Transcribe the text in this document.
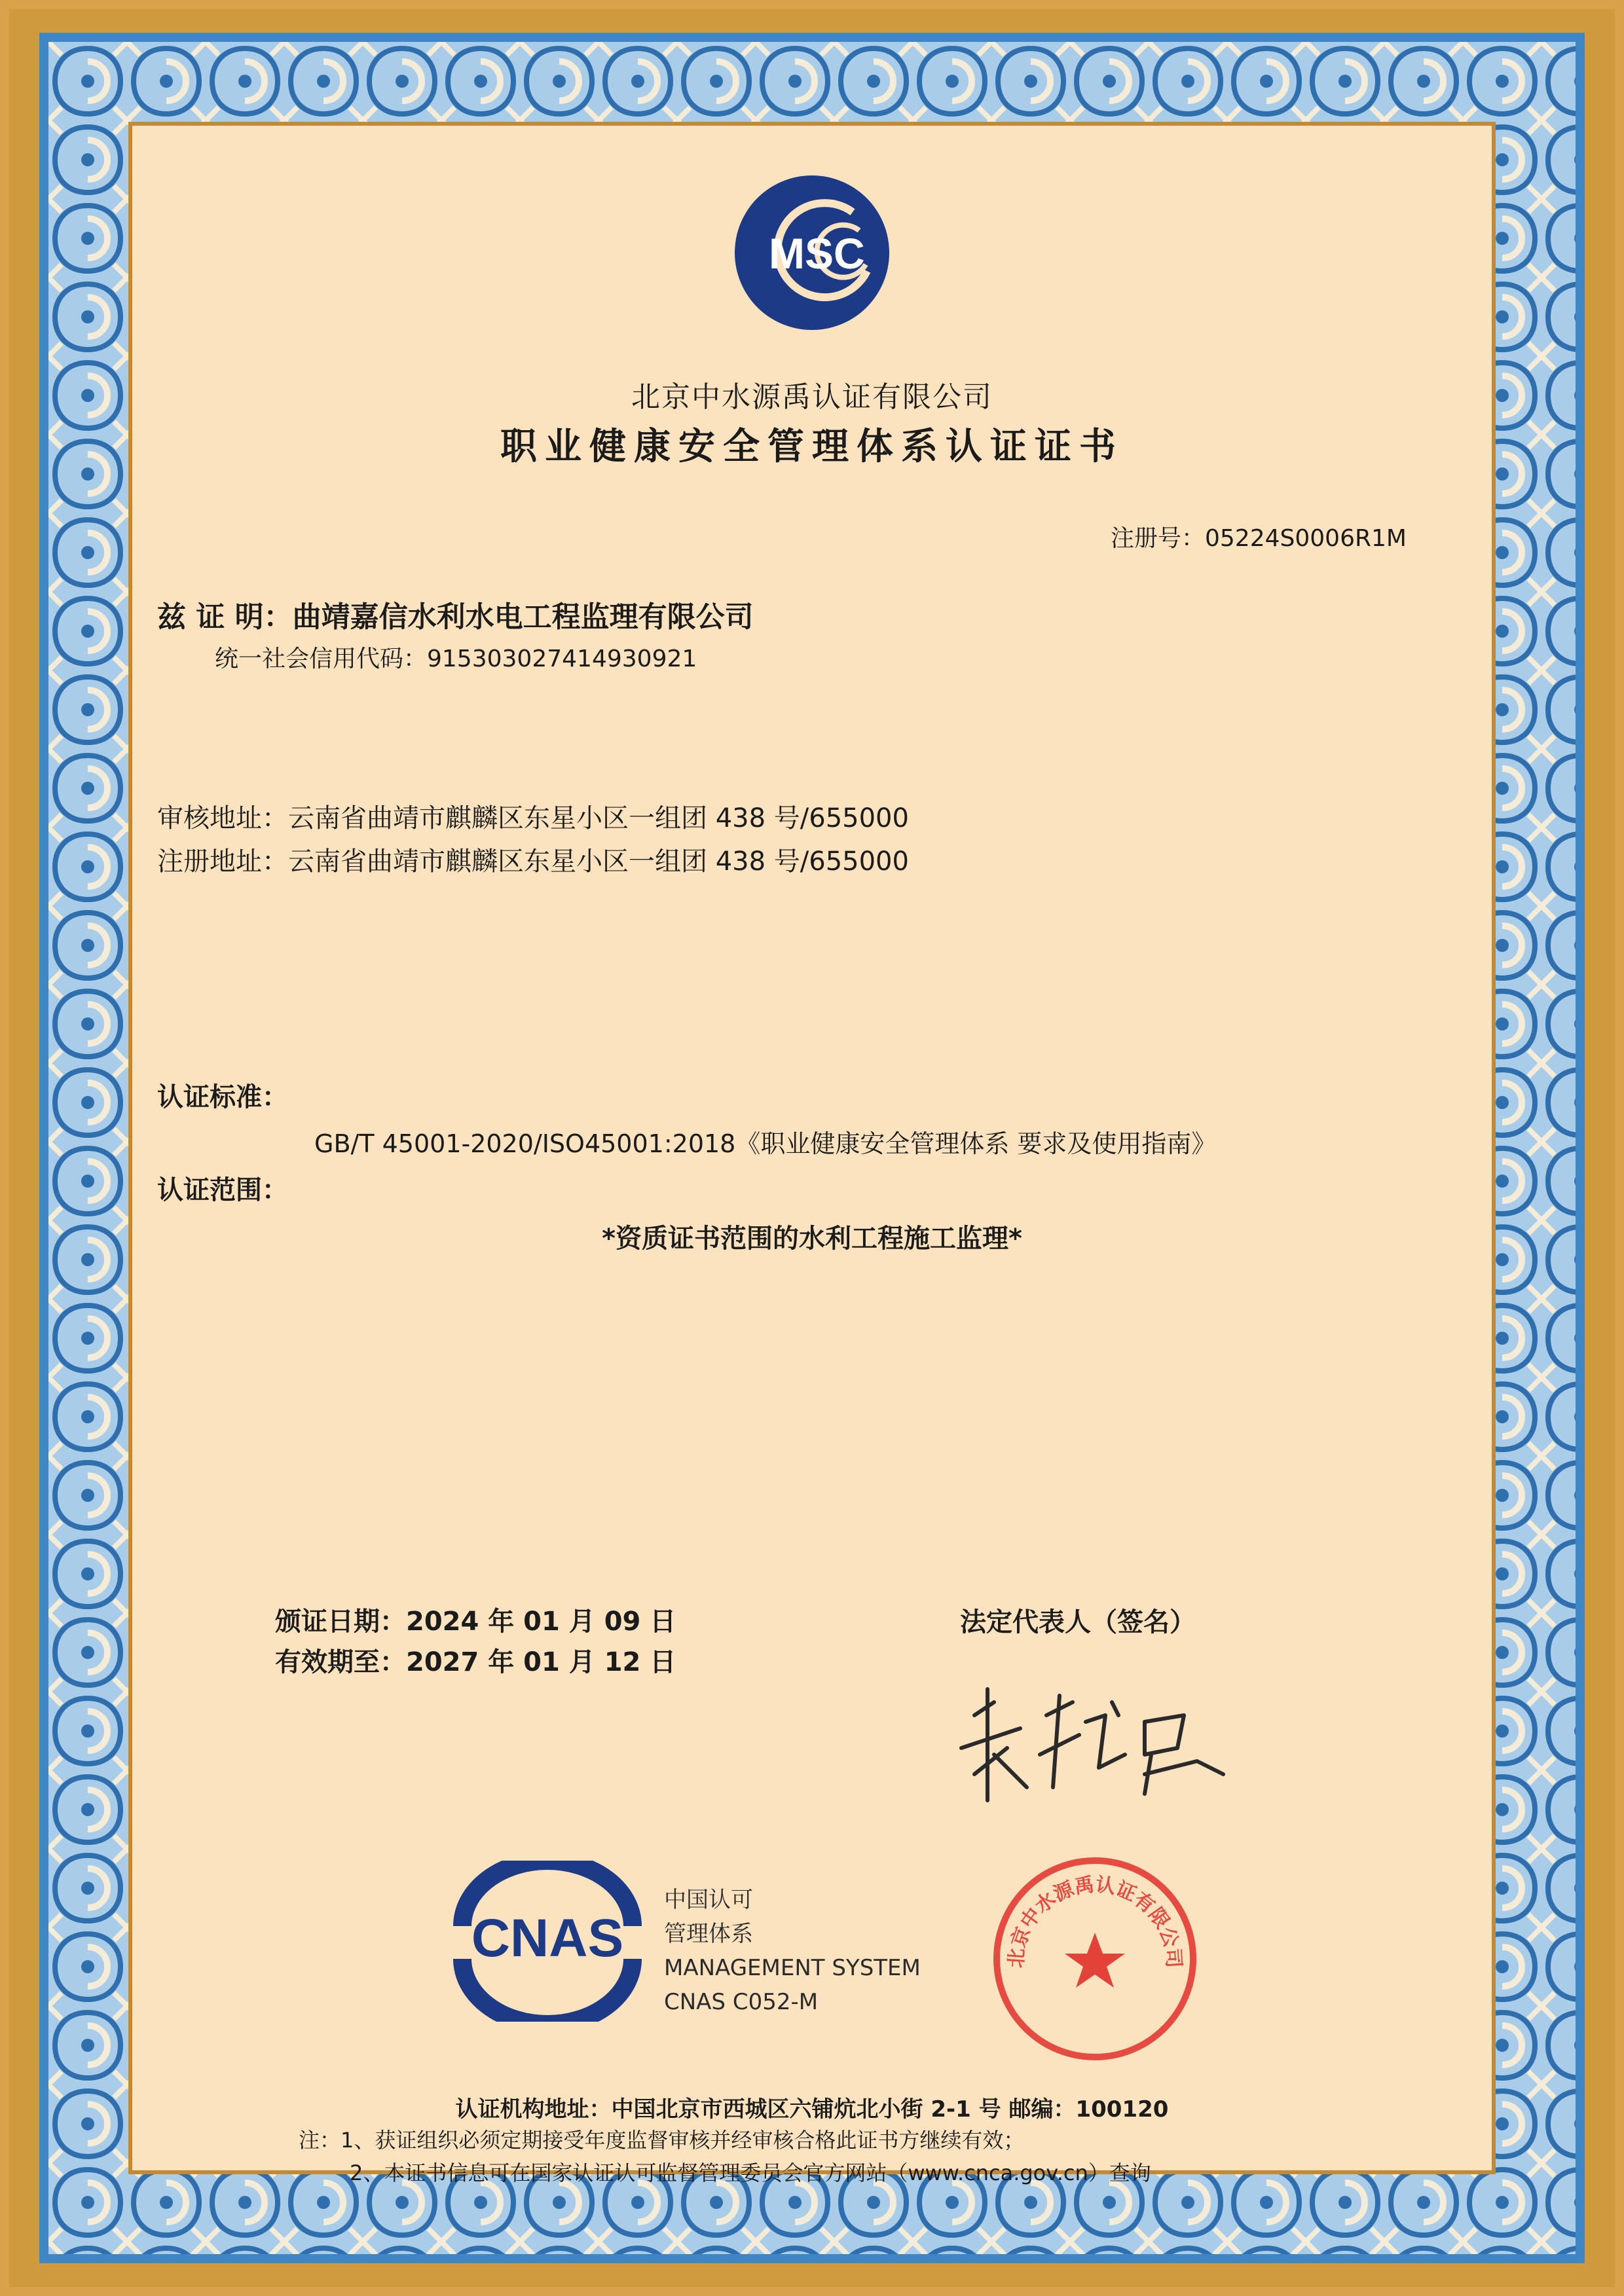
MSC
北京中水源禹认证有限公司
职业健康安全管理体系认证证书
注册号：05224S0006R1M
兹 证 明：曲靖嘉信水利水电工程监理有限公司
统一社会信用代码：915303027414930921
审核地址：云南省曲靖市麒麟区东星小区一组团 438 号/655000
注册地址：云南省曲靖市麒麟区东星小区一组团 438 号/655000
认证标准：
GB/T 45001-2020/ISO45001:2018《职业健康安全管理体系 要求及使用指南》
认证范围：
*资质证书范围的水利工程施工监理*
颁证日期：2024 年 01 月 09 日
有效期至：2027 年 01 月 12 日
法定代表人（签名）
CNAS
中国认可
管理体系
MANAGEMENT SYSTEM
CNAS C052-M
北京中水源禹认证有限公司
认证机构地址：中国北京市西城区六铺炕北小街 2-1 号 邮编：100120
注：1、获证组织必须定期接受年度监督审核并经审核合格此证书方继续有效；
2、本证书信息可在国家认证认可监督管理委员会官方网站（www.cnca.gov.cn）查询
